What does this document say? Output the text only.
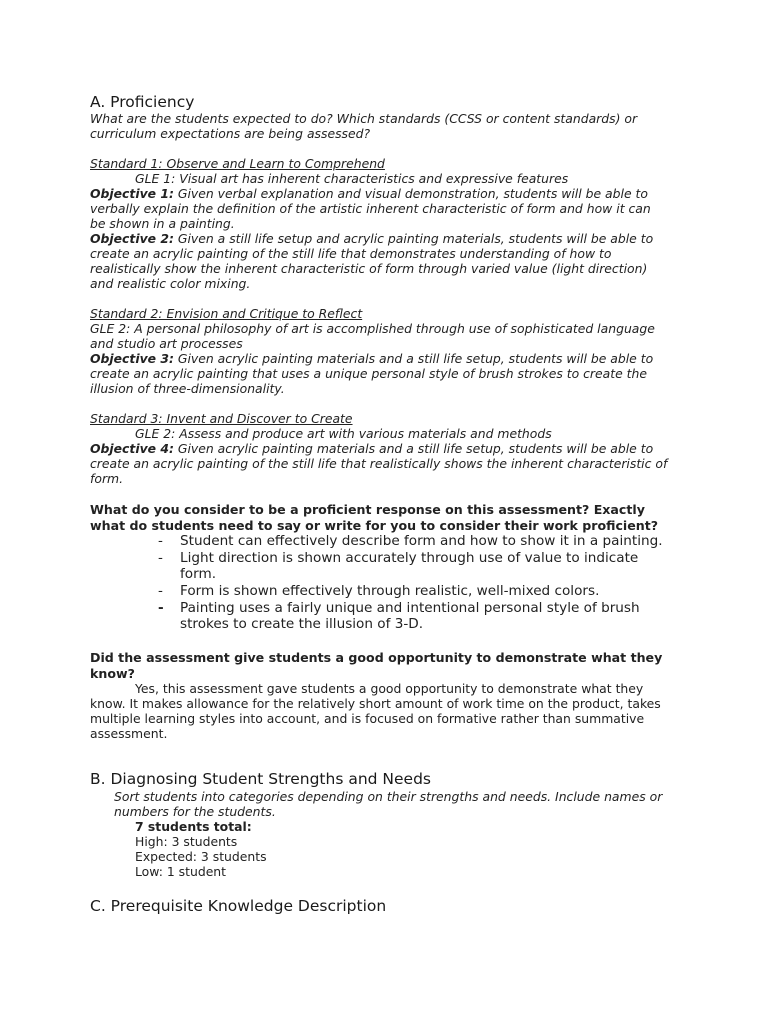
A. Proficiency
What are the students expected to do? Which standards (CCSS or content standards) or
curriculum expectations are being assessed?
Standard 1: Observe and Learn to Comprehend
GLE 1: Visual art has inherent characteristics and expressive features
Objective 1: Given verbal explanation and visual demonstration, students will be able to
verbally explain the definition of the artistic inherent characteristic of form and how it can
be shown in a painting.
Objective 2: Given a still life setup and acrylic painting materials, students will be able to
create an acrylic painting of the still life that demonstrates understanding of how to
realistically show the inherent characteristic of form through varied value (light direction)
and realistic color mixing.
Standard 2: Envision and Critique to Reflect
GLE 2: A personal philosophy of art is accomplished through use of sophisticated language
and studio art processes
Objective 3: Given acrylic painting materials and a still life setup, students will be able to
create an acrylic painting that uses a unique personal style of brush strokes to create the
illusion of three-dimensionality.
Standard 3: Invent and Discover to Create
GLE 2: Assess and produce art with various materials and methods
Objective 4: Given acrylic painting materials and a still life setup, students will be able to
create an acrylic painting of the still life that realistically shows the inherent characteristic of
form.
What do you consider to be a proficient response on this assessment? Exactly
what do students need to say or write for you to consider their work proficient?
- Student can effectively describe form and how to show it in a painting.
- Light direction is shown accurately through use of value to indicate
form.
- Form is shown effectively through realistic, well-mixed colors.
- Painting uses a fairly unique and intentional personal style of brush
strokes to create the illusion of 3-D.
Did the assessment give students a good opportunity to demonstrate what they
know?
Yes, this assessment gave students a good opportunity to demonstrate what they
know. It makes allowance for the relatively short amount of work time on the product, takes
multiple learning styles into account, and is focused on formative rather than summative
assessment.
B. Diagnosing Student Strengths and Needs
Sort students into categories depending on their strengths and needs. Include names or
numbers for the students.
7 students total:
High: 3 students
Expected: 3 students
Low: 1 student
C. Prerequisite Knowledge Description
